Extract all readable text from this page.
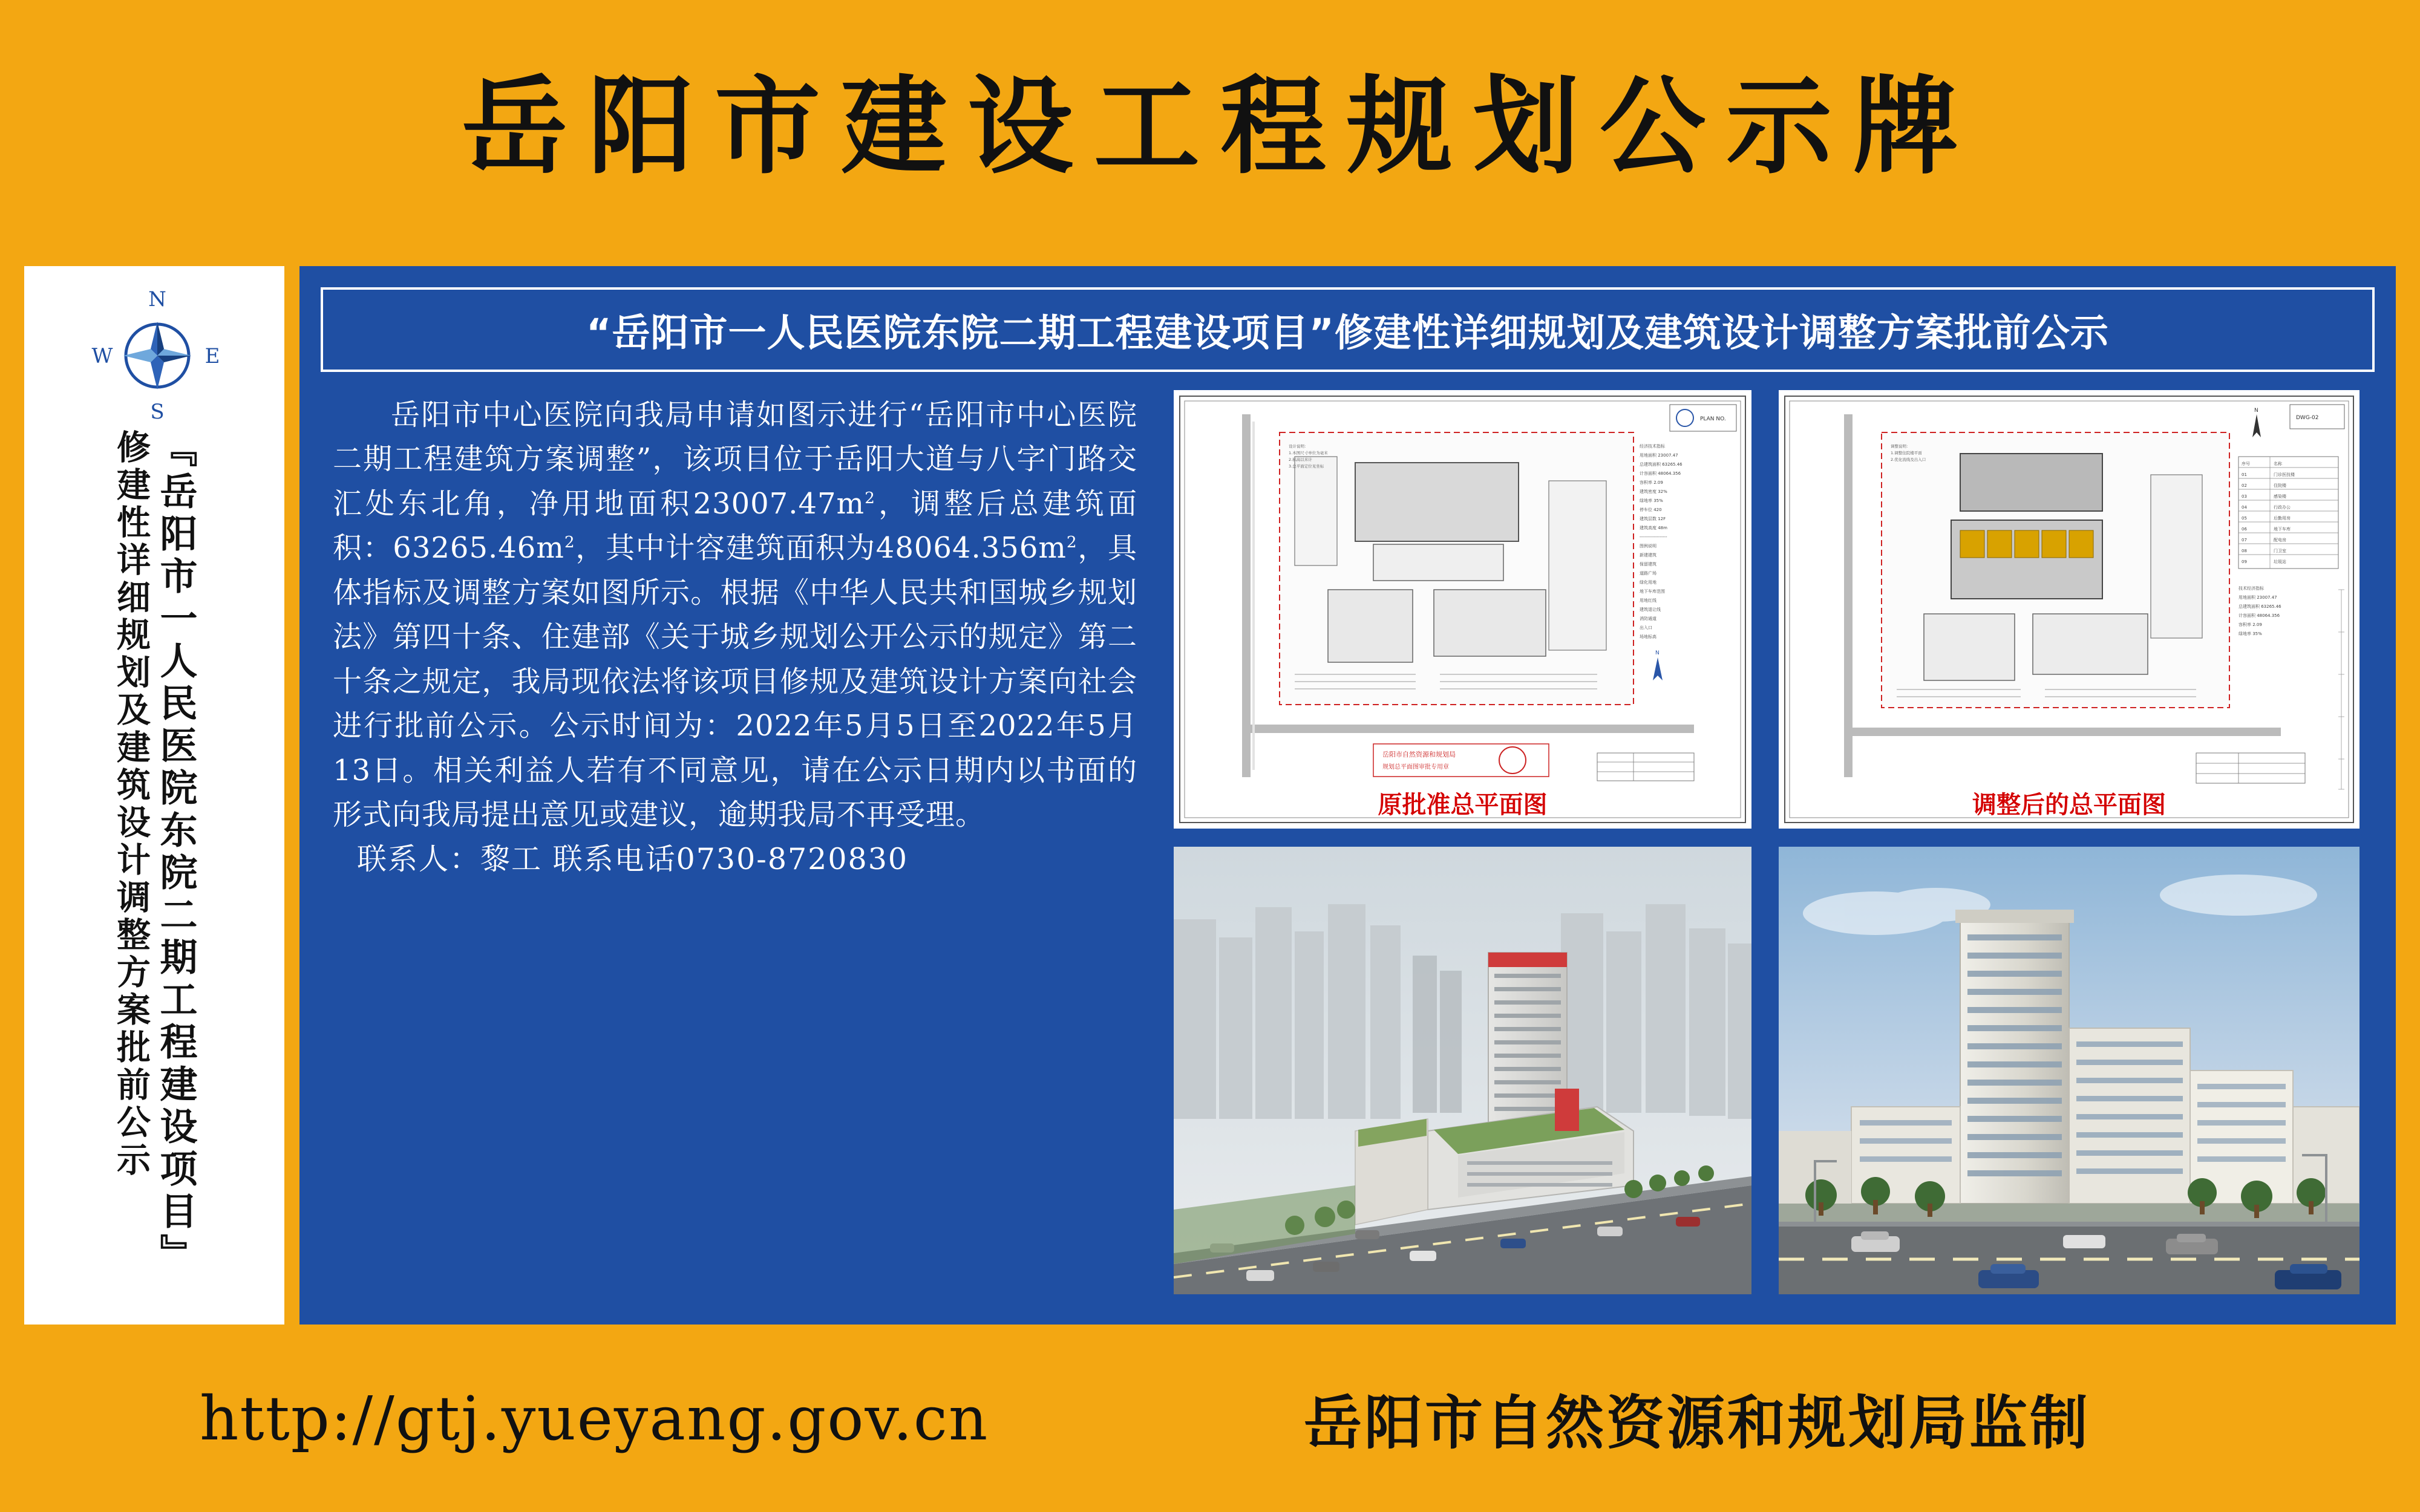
岳阳市建设工程规划公示牌
N
S
E
W
『岳阳市一人民医院东院二期工程建设项目』
修建性详细规划及建筑设计调整方案批前公示
“岳阳市一人民医院东院二期工程建设项目”修建性详细规划及建筑设计调整方案批前公示

岳阳市中心医院向我局申请如图示进行“岳阳市中心医院二期工程建筑方案调整”，该项目位于岳阳大道与八字门路交汇处东北角，净用地面积$23007.47m^2$，调整后总建筑面积：$63265.46m^2$，其中计容建筑面积为$48064.356m^2$，具体指标及调整方案如图所示。根据《中华人民共和国城乡规划法》第四十条、住建部《关于城乡规划公开公示的规定》第二十条之规定，我局现依法将该项目修规及建筑设计方案向社会进行批前公示。公示时间为：2022年5月5日至2022年5月13日。相关利益人若有不同意见，请在公示日期内以书面的形式向我局提出意见或建议，逾期我局不再受理。

联系人：黎工 联系电话0730-8720830

PLAN NO.
经济技术指标
用地面积 23007.47
总建筑面积 63265.46
计容面积 48064.356
容积率 2.09
建筑密度 32%
绿地率 35%
停车位 420
建筑层数 12F
建筑高度 48m
------------------
图例说明
新建建筑
保留建筑
道路广场
绿化用地
地下车库范围
用地红线
建筑退让线
消防通道
出入口
场地标高
设计说明：
1.本图尺寸单位为毫米
2.标高以米计
3.总平面定位见坐标
N
岳阳市自然资源和规划局
规划总平面图审批专用章
原批准总平面图
DWG-02
序号	名称
01	门诊医技楼
02	住院楼
03	感染楼
04	行政办公
05	后勤用房
06	地下车库
07	配电房
08	门卫室
09	垃圾站
技术经济指标
用地面积 23007.47
总建筑面积 63265.46
计容面积 48064.356
容积率 2.09
绿地率 35%
调整说明：
1.调整住院楼平面
2.优化流线及出入口
N
调整后的总平面图
http://gtj.yueyang.gov.cn	岳阳市自然资源和规划局监制
